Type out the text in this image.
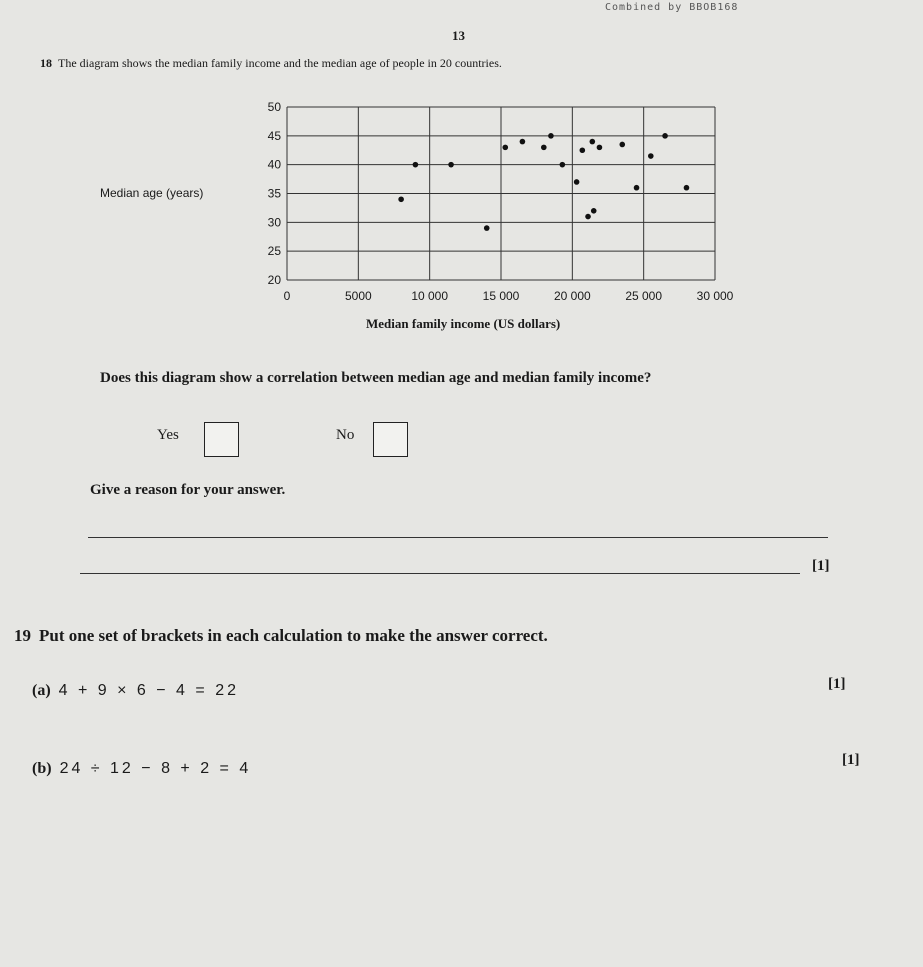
Combined by BBOB168
13
18 The diagram shows the median family income and the median age of people in 20 countries.
Median age (years)
20
25
30
35
40
45
50
0	5000	10 000	15 000	20 000	25 000	30 000
Median family income (US dollars)
Does this diagram show a correlation between median age and median family income?
Yes	No
Give a reason for your answer.
[1]
19 Put one set of brackets in each calculation to make the answer correct.
(a) 4 + 9 × 6 − 4 = 22	[1]
(b) 24 ÷ 12 − 8 + 2 = 4	[1]
